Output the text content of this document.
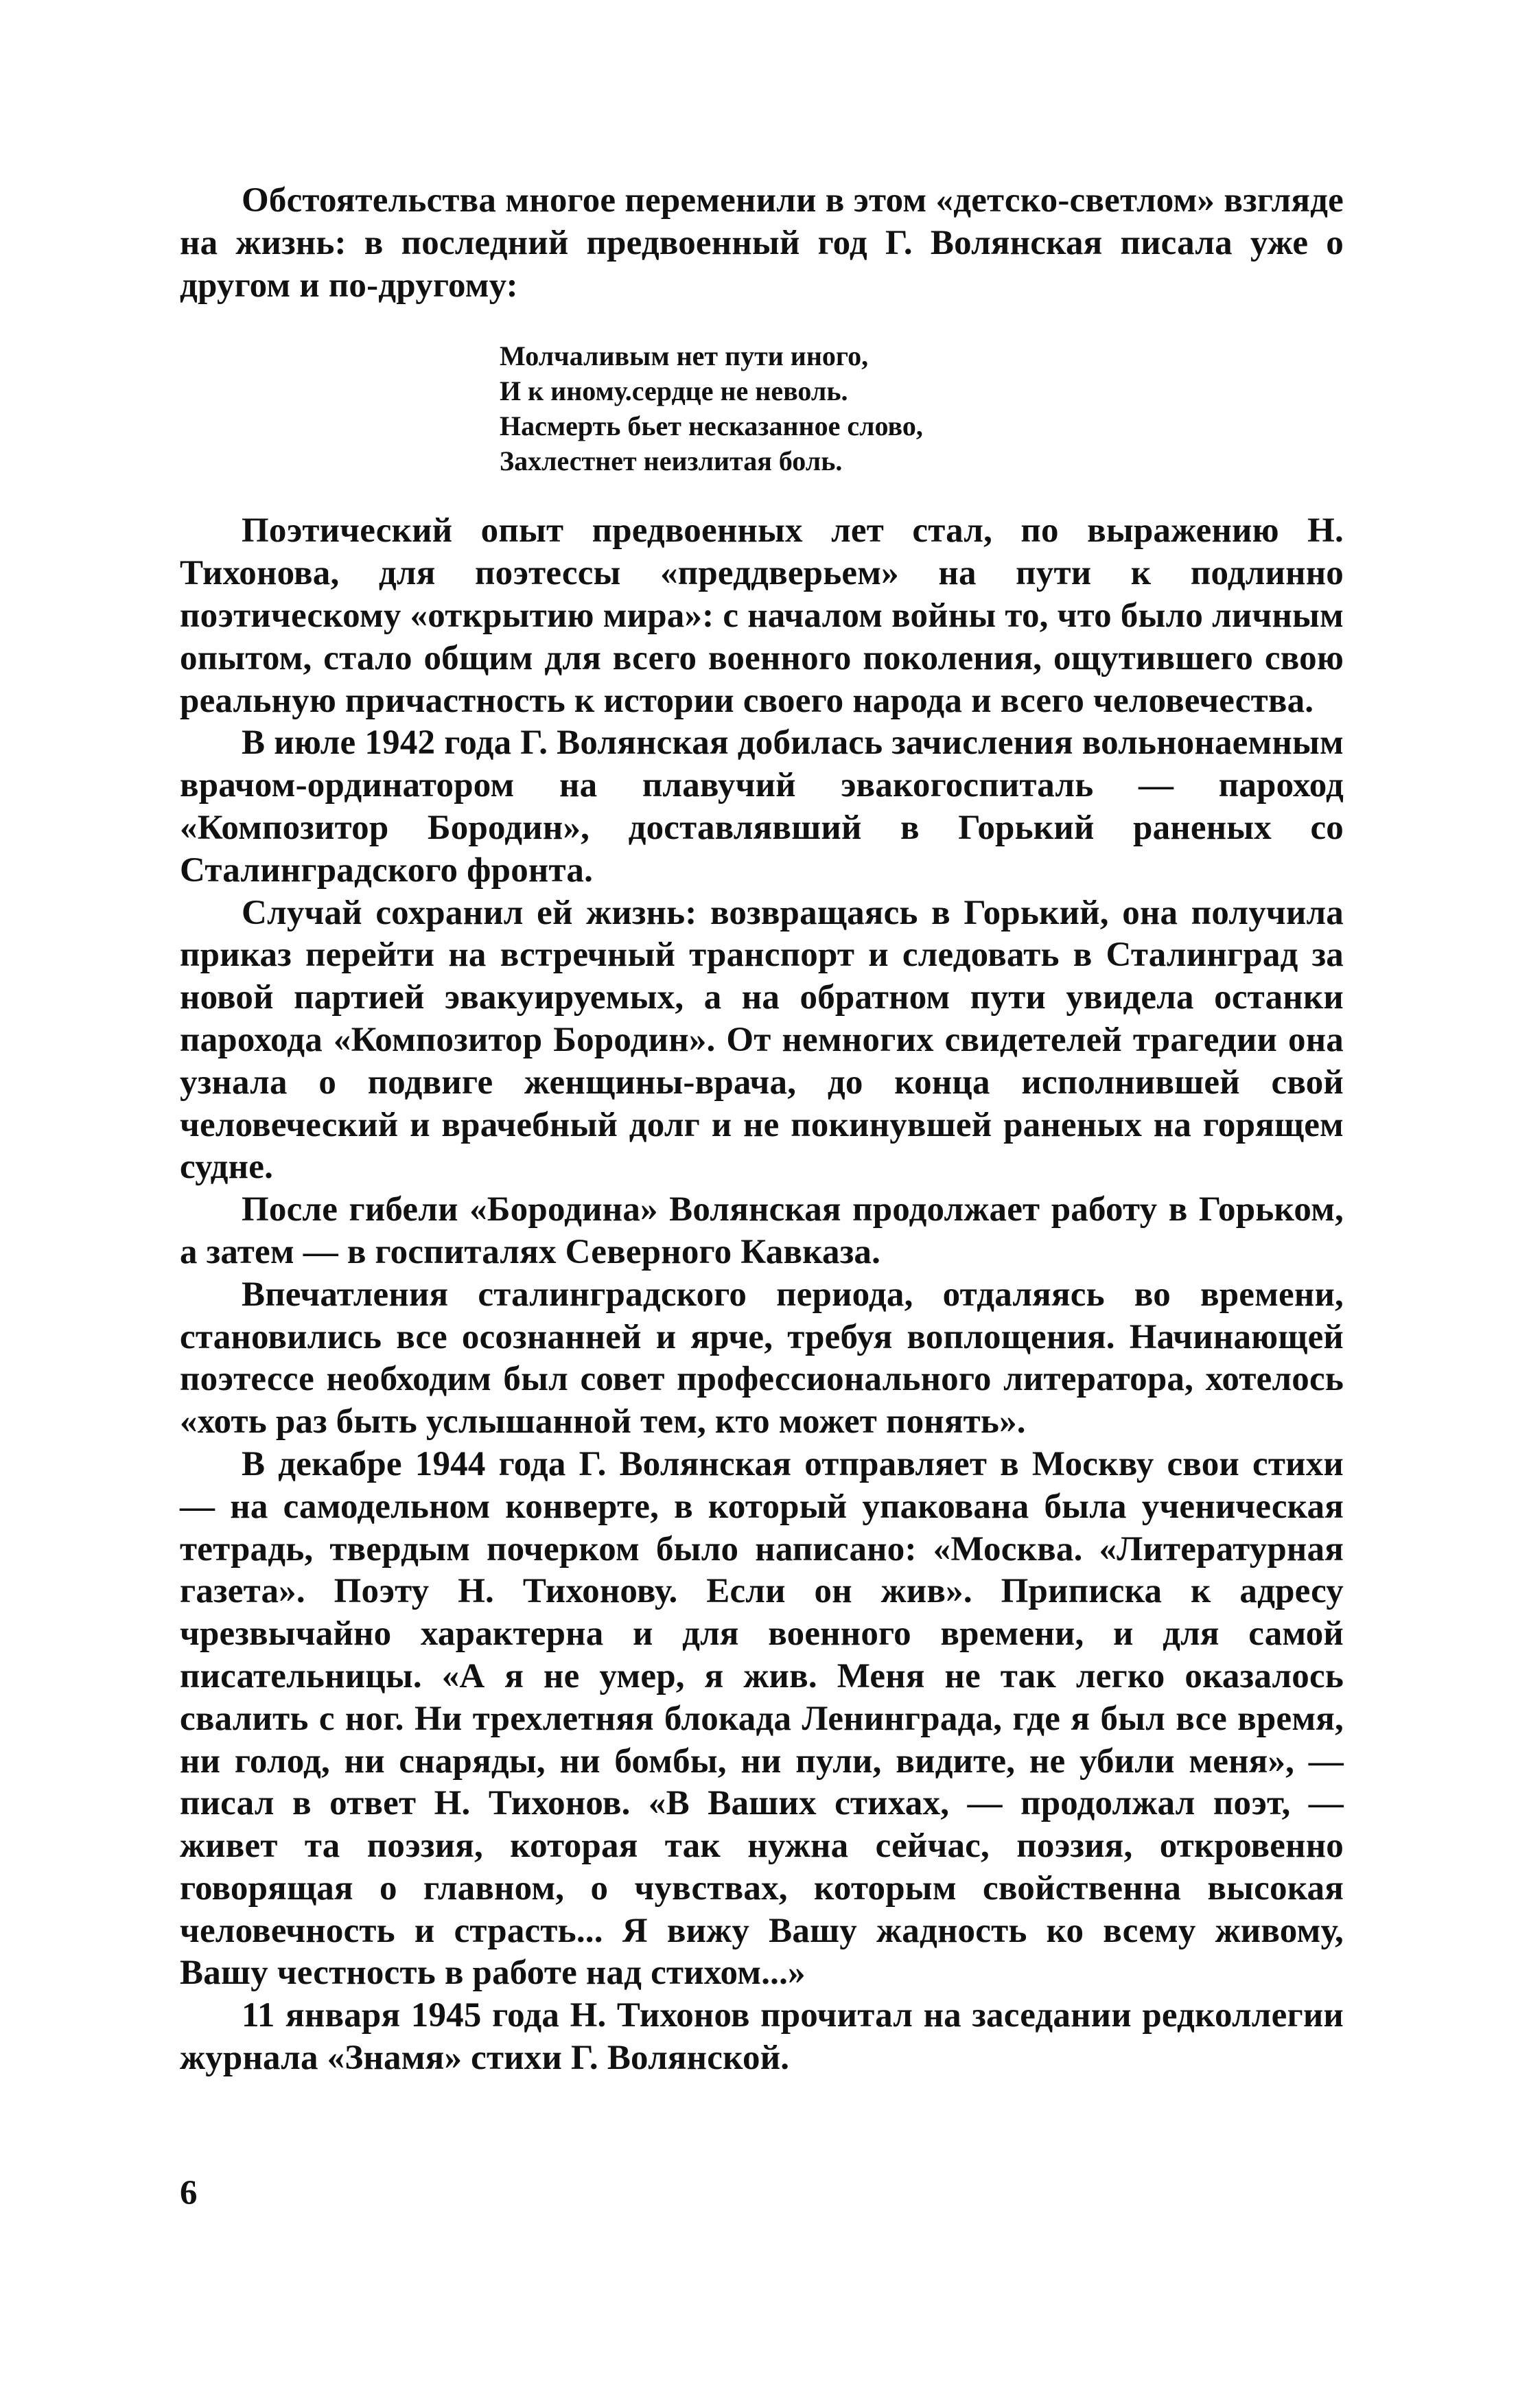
Обстоятельства многое переменили в этом «детско-светлом» взгляде на жизнь: в последний предвоенный год Г. Волянская писала уже о другом и по-другому:

Молчаливым нет пути иного,
И к иному.сердце не неволь.
Насмерть бьет несказанное слово,
Захлестнет неизлитая боль.

Поэтический опыт предвоенных лет стал, по выражению Н. Тихонова, для поэтессы «преддверьем» на пути к подлинно поэтическому «открытию мира»: с началом войны то, что было личным опытом, стало общим для всего военного поколения, ощутившего свою реальную причастность к истории своего народа и всего человечества.

В июле 1942 года Г. Волянская добилась зачисления вольнонаемным врачом-ординатором на плавучий эвакогоспиталь — пароход «Композитор Бородин», доставлявший в Горький раненых со Сталинградского фронта.

Случай сохранил ей жизнь: возвращаясь в Горький, она получила приказ перейти на встречный транспорт и следовать в Сталинград за новой партией эвакуируемых, а на обратном пути увидела останки парохода «Композитор Бородин». От немногих свидетелей трагедии она узнала о подвиге женщины-врача, до конца исполнившей свой человеческий и врачебный долг и не покинувшей раненых на горящем судне.

После гибели «Бородина» Волянская продолжает работу в Горьком, а затем — в госпиталях Северного Кавказа.

Впечатления сталинградского периода, отдаляясь во времени, становились все осознанней и ярче, требуя воплощения. Начинающей поэтессе необходим был совет профессионального литератора, хотелось «хоть раз быть услышанной тем, кто может понять».

В декабре 1944 года Г. Волянская отправляет в Москву свои стихи — на самодельном конверте, в который упакована была ученическая тетрадь, твердым почерком было написано: «Москва. «Литературная газета». Поэту Н. Тихонову. Если он жив». Приписка к адресу чрезвычайно характерна и для военного времени, и для самой писательницы. «А я не умер, я жив. Меня не так легко оказалось свалить с ног. Ни трехлетняя блокада Ленинграда, где я был все время, ни голод, ни снаряды, ни бомбы, ни пули, видите, не убили меня», — писал в ответ Н. Тихонов. «В Ваших стихах, — продолжал поэт, — живет та поэзия, которая так нужна сейчас, поэзия, откровенно говорящая о главном, о чувствах, которым свойственна высокая человечность и страсть... Я вижу Вашу жадность ко всему живому, Вашу честность в работе над стихом...»

11 января 1945 года Н. Тихонов прочитал на заседании редколлегии журнала «Знамя» стихи Г. Волянской.

6
